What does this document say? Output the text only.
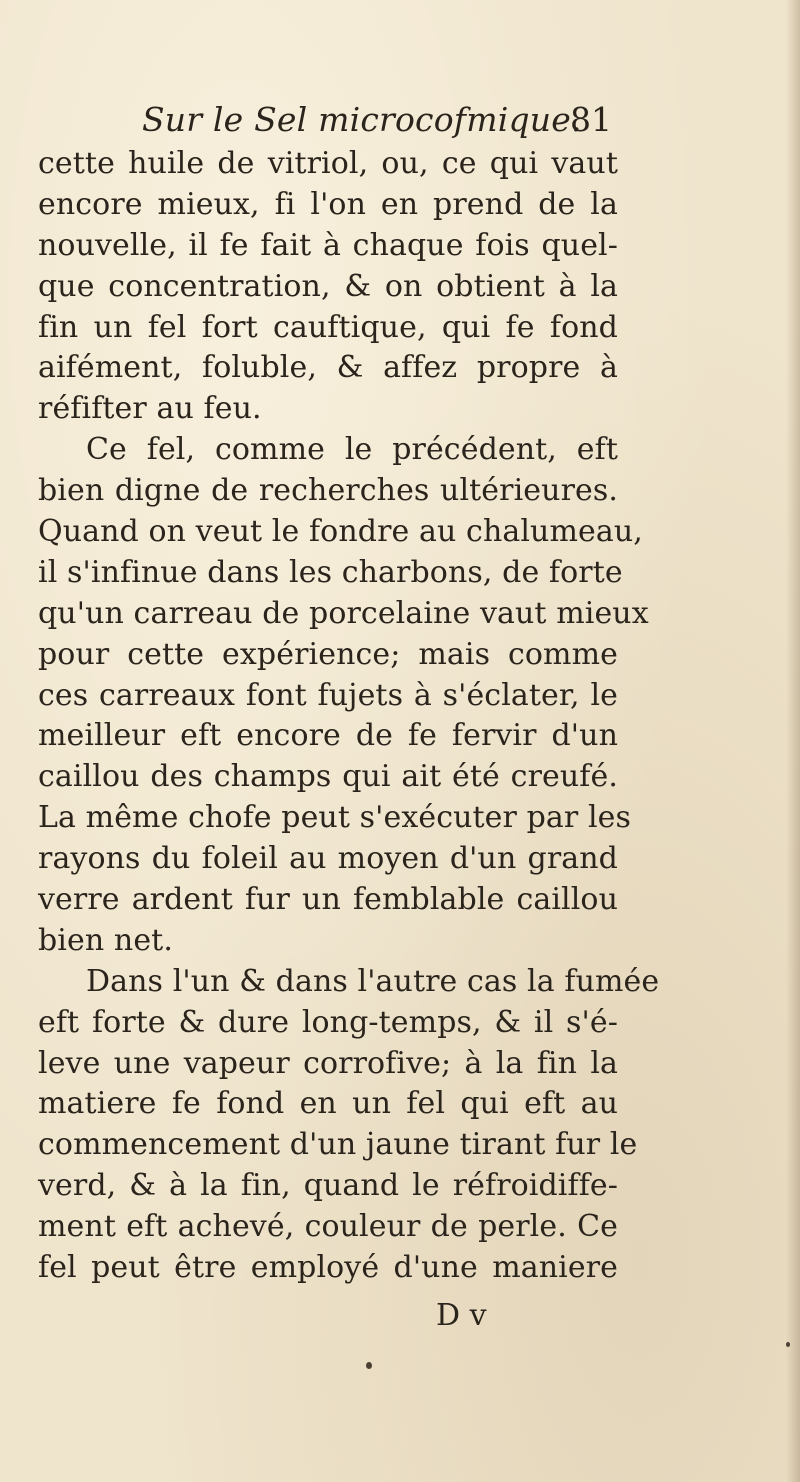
Sur le Sel microcofmique.
81
cette huile de vitriol, ou, ce qui vaut
encore mieux, fi l'on en prend de la
nouvelle, il fe fait à chaque fois quel-
que concentration, & on obtient à la
fin un fel fort cauftique, qui fe fond
aifément, foluble, & affez propre à
réfifter au feu.
Ce fel, comme le précédent, eft
bien digne de recherches ultérieures.
Quand on veut le fondre au chalumeau,
il s'infinue dans les charbons, de forte
qu'un carreau de porcelaine vaut mieux
pour cette expérience; mais comme
ces carreaux font fujets à s'éclater, le
meilleur eft encore de fe fervir d'un
caillou des champs qui ait été creufé.
La même chofe peut s'exécuter par les
rayons du foleil au moyen d'un grand
verre ardent fur un femblable caillou
bien net.
Dans l'un & dans l'autre cas la fumée
eft forte & dure long-temps, & il s'é-
leve une vapeur corrofive; à la fin la
matiere fe fond en un fel qui eft au
commencement d'un jaune tirant fur le
verd, & à la fin, quand le réfroidiffe-
ment eft achevé, couleur de perle. Ce
fel peut être employé d'une maniere
D v
